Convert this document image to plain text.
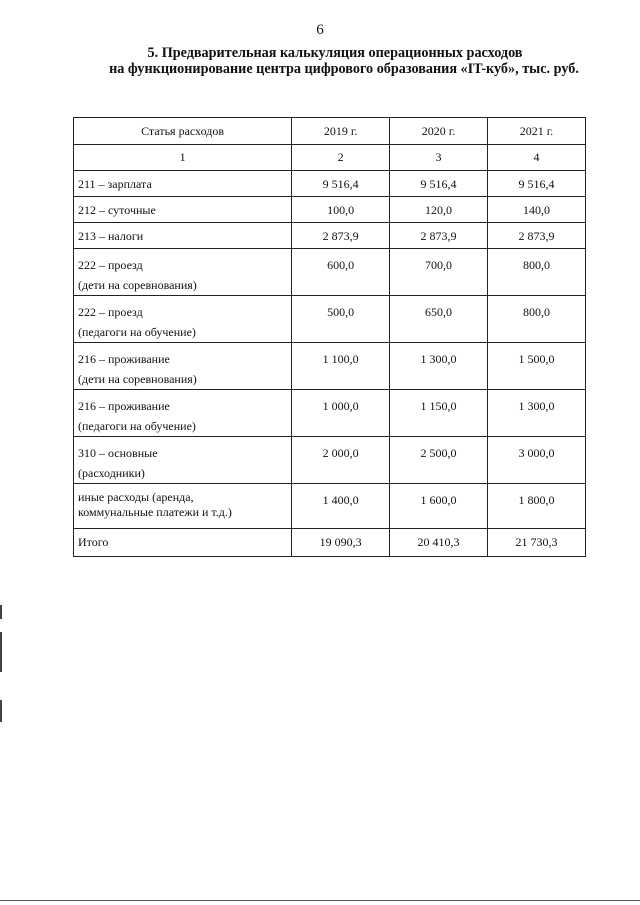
6
5. Предварительная калькуляция операционных расходов
на функционирование центра цифрового образования «IT-куб», тыс. руб.
Статья расходов	2019 г.	2020 г.	2021 г.
1	2	3	4
211 – зарплата	9 516,4	9 516,4	9 516,4
212 – суточные	100,0	120,0	140,0
213 – налоги	2 873,9	2 873,9	2 873,9

222 – проезд
(дети на соревнования)	600,0	700,0	800,0

222 – проезд
(педагоги на обучение)	500,0	650,0	800,0

216 – проживание
(дети на соревнования)	1 100,0	1 300,0	1 500,0

216 – проживание
(педагоги на обучение)	1 000,0	1 150,0	1 300,0

310 – основные
(расходники)	2 000,0	2 500,0	3 000,0

иные расходы (аренда,
коммунальные платежи и т.д.)	1 400,0	1 600,0	1 800,0
Итого	19 090,3	20 410,3	21 730,3
